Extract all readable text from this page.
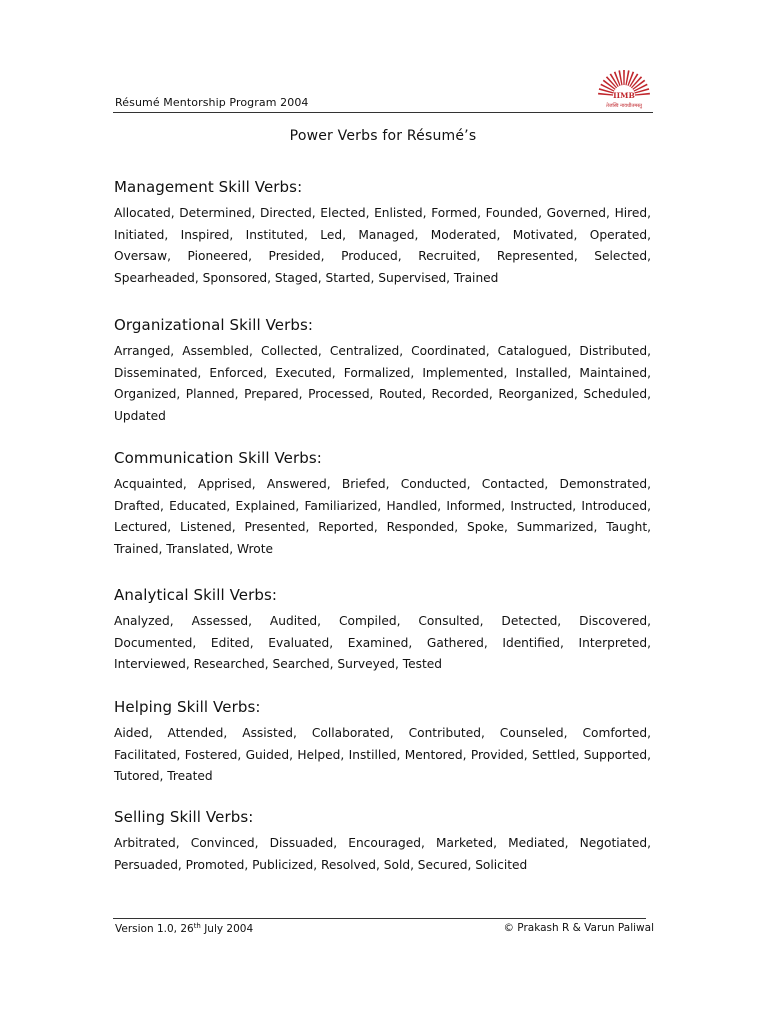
Résumé Mentorship Program 2004
IIMB
तेजस्वि नावधीतमस्तु
Power Verbs for Résumé’s
Management Skill Verbs:

Allocated, Determined, Directed, Elected, Enlisted, Formed, Founded, Governed, Hired, Initiated, Inspired, Instituted, Led, Managed, Moderated, Motivated, Operated, Oversaw, Pioneered, Presided, Produced, Recruited, Represented, Selected, Spearheaded, Sponsored, Staged, Started, Supervised, Trained

Organizational Skill Verbs:

Arranged, Assembled, Collected, Centralized, Coordinated, Catalogued, Distributed, Disseminated, Enforced, Executed, Formalized, Implemented, Installed, Maintained, Organized, Planned, Prepared, Processed, Routed, Recorded, Reorganized, Scheduled, Updated

Communication Skill Verbs:

Acquainted, Apprised, Answered, Briefed, Conducted, Contacted, Demonstrated, Drafted, Educated, Explained, Familiarized, Handled, Informed, Instructed, Introduced, Lectured, Listened, Presented, Reported, Responded, Spoke, Summarized, Taught, Trained, Translated, Wrote

Analytical Skill Verbs:

Analyzed, Assessed, Audited, Compiled, Consulted, Detected, Discovered, Documented, Edited, Evaluated, Examined, Gathered, Identified, Interpreted, Interviewed, Researched, Searched, Surveyed, Tested

Helping Skill Verbs:

Aided, Attended, Assisted, Collaborated, Contributed, Counseled, Comforted, Facilitated, Fostered, Guided, Helped, Instilled, Mentored, Provided, Settled, Supported, Tutored, Treated

Selling Skill Verbs:

Arbitrated, Convinced, Dissuaded, Encouraged, Marketed, Mediated, Negotiated, Persuaded, Promoted, Publicized, Resolved, Sold, Secured, Solicited

Version 1.0, 26th July 2004	© Prakash R & Varun Paliwal
